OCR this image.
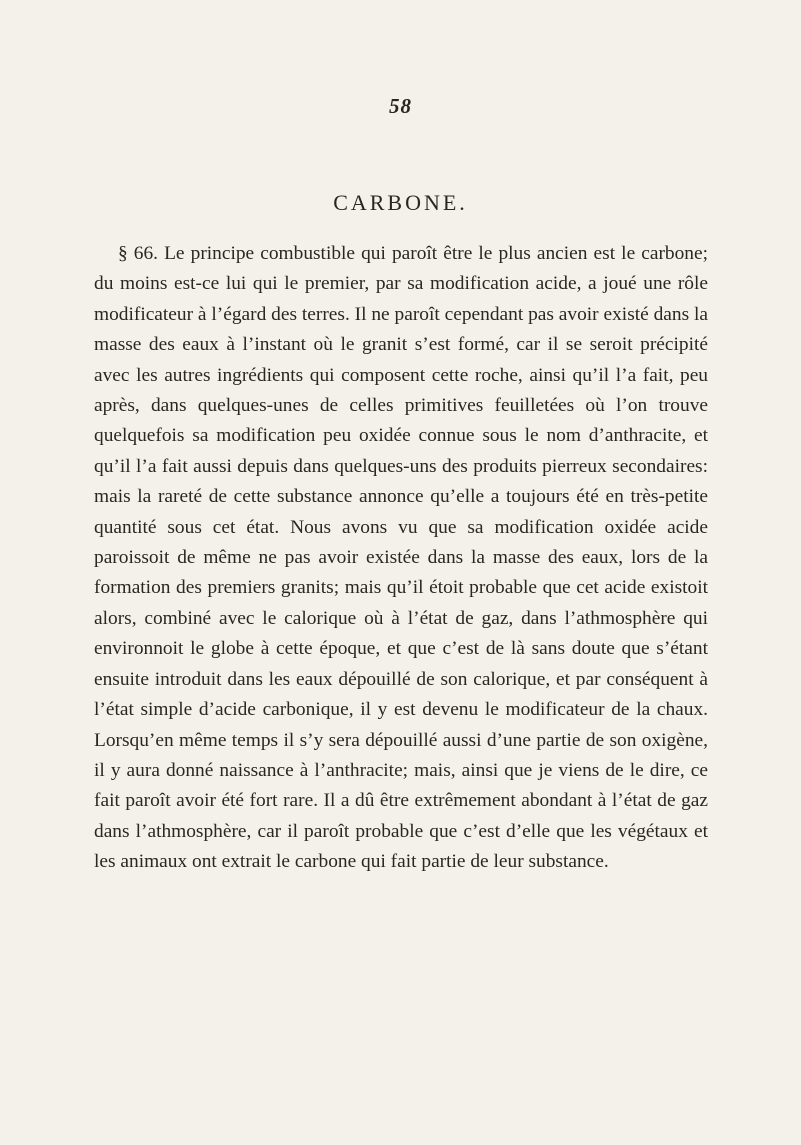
58
CARBONE.

§ 66. Le principe combustible qui paroît être le plus ancien est le carbone; du moins est-ce lui qui le premier, par sa modification acide, a joué une rôle modificateur à l’égard des terres. Il ne paroît cependant pas avoir existé dans la masse des eaux à l’instant où le granit s’est formé, car il se seroit précipité avec les autres ingrédients qui composent cette roche, ainsi qu’il l’a fait, peu après, dans quelques-unes de celles primitives feuilletées où l’on trouve quelquefois sa modification peu oxidée connue sous le nom d’anthracite, et qu’il l’a fait aussi depuis dans quelques-uns des produits pierreux secondaires: mais la rareté de cette substance annonce qu’elle a toujours été en très-petite quantité sous cet état. Nous avons vu que sa modification oxidée acide paroissoit de même ne pas avoir existée dans la masse des eaux, lors de la formation des premiers granits; mais qu’il étoit probable que cet acide existoit alors, combiné avec le calorique où à l’état de gaz, dans l’athmosphère qui environnoit le globe à cette époque, et que c’est de là sans doute que s’étant ensuite introduit dans les eaux dépouillé de son calorique, et par conséquent à l’état simple d’acide carbonique, il y est devenu le modificateur de la chaux. Lorsqu’en même temps il s’y sera dépouillé aussi d’une partie de son oxigène, il y aura donné naissance à l’anthracite; mais, ainsi que je viens de le dire, ce fait paroît avoir été fort rare. Il a dû être extrêmement abondant à l’état de gaz dans l’athmosphère, car il paroît probable que c’est d’elle que les végétaux et les animaux ont extrait le carbone qui fait partie de leur substance.
